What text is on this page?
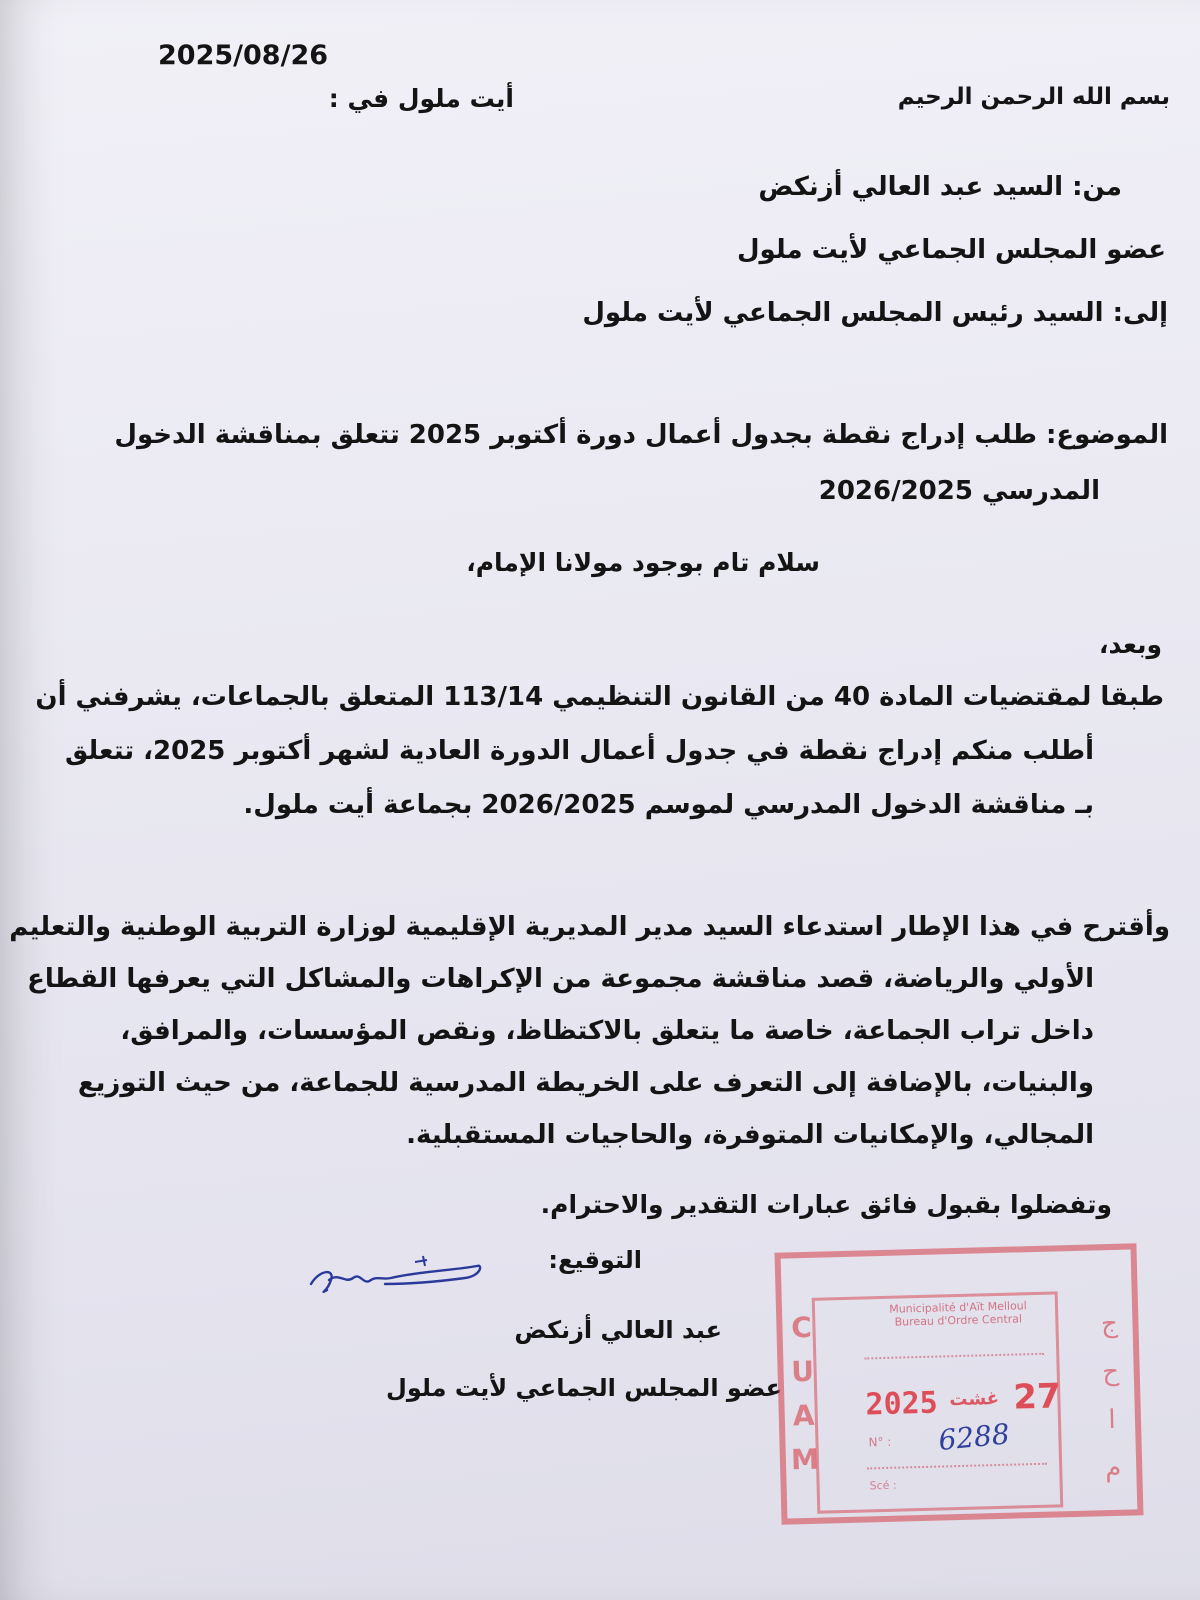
بسم الله الرحمن الرحيم
أيت ملول في :
2025/08/26
من: السيد عبد العالي أزنكض
عضو المجلس الجماعي لأيت ملول
إلى: السيد رئيس المجلس الجماعي لأيت ملول
الموضوع: طلب إدراج نقطة بجدول أعمال دورة أكتوبر 2025 تتعلق بمناقشة الدخول
المدرسي 2026/2025
سلام تام بوجود مولانا الإمام،
وبعد،
طبقا لمقتضيات المادة 40 من القانون التنظيمي 113/14 المتعلق بالجماعات، يشرفني أن
أطلب منكم إدراج نقطة في جدول أعمال الدورة العادية لشهر أكتوبر 2025، تتعلق
بـ مناقشة الدخول المدرسي لموسم 2026/2025 بجماعة أيت ملول.
وأقترح في هذا الإطار استدعاء السيد مدير المديرية الإقليمية لوزارة التربية الوطنية والتعليم
الأولي والرياضة، قصد مناقشة مجموعة من الإكراهات والمشاكل التي يعرفها القطاع
داخل تراب الجماعة، خاصة ما يتعلق بالاكتظاظ، ونقص المؤسسات، والمرافق،
والبنيات، بالإضافة إلى التعرف على الخريطة المدرسية للجماعة، من حيث التوزيع
المجالي، والإمكانيات المتوفرة، والحاجيات المستقبلية.
وتفضلوا بقبول فائق عبارات التقدير والاحترام.
التوقيع:
عبد العالي أزنكض
عضو المجلس الجماعي لأيت ملول
Municipalité d'Aït Melloul
Bureau d'Ordre Central
2025 غشت 27
N° : 6288
Scé :
C
U
A
M
ج
ح
ا
م
